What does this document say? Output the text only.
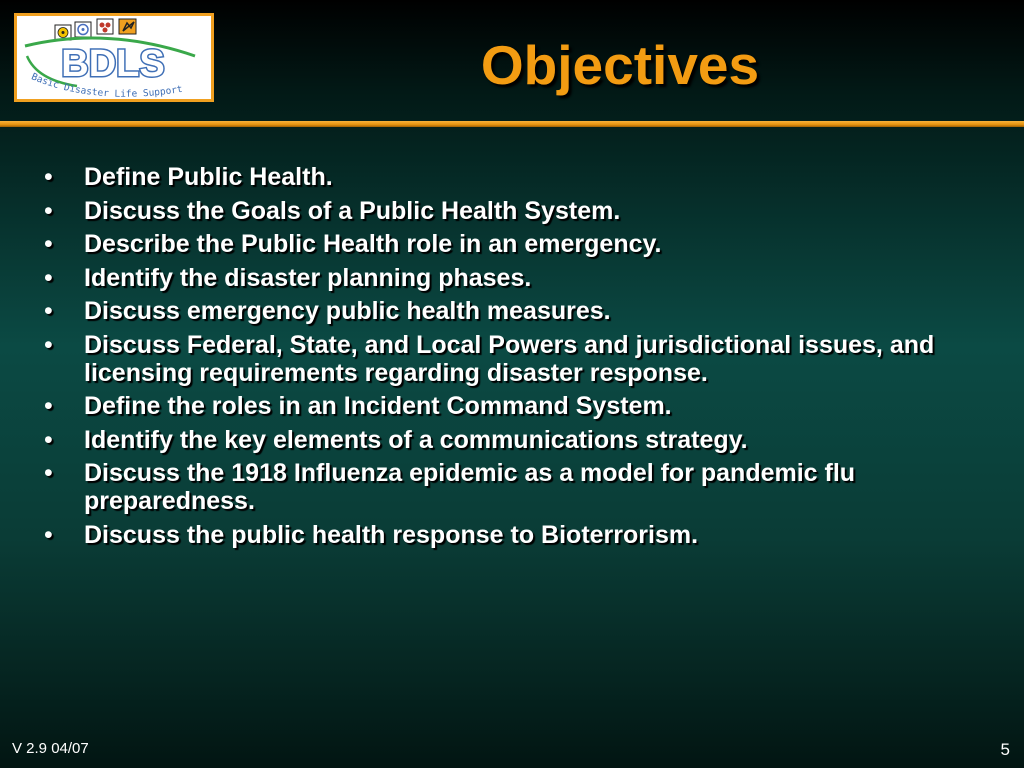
BDLS
Basic Disaster Life Support	Objectives
•	Define Public Health.
•	Discuss the Goals of a Public Health System.
•	Describe the Public Health role in an emergency.
•	Identify the disaster planning phases.
•	Discuss emergency public health measures.
•	Discuss Federal, State, and Local Powers and jurisdictional issues, and licensing requirements regarding disaster response.
•	Define the roles in an Incident Command System.
•	Identify the key elements of a communications strategy.
•	Discuss the 1918 Influenza epidemic as a model for pandemic flu preparedness.
•	Discuss the public health response to Bioterrorism.
V 2.9 04/07	5
